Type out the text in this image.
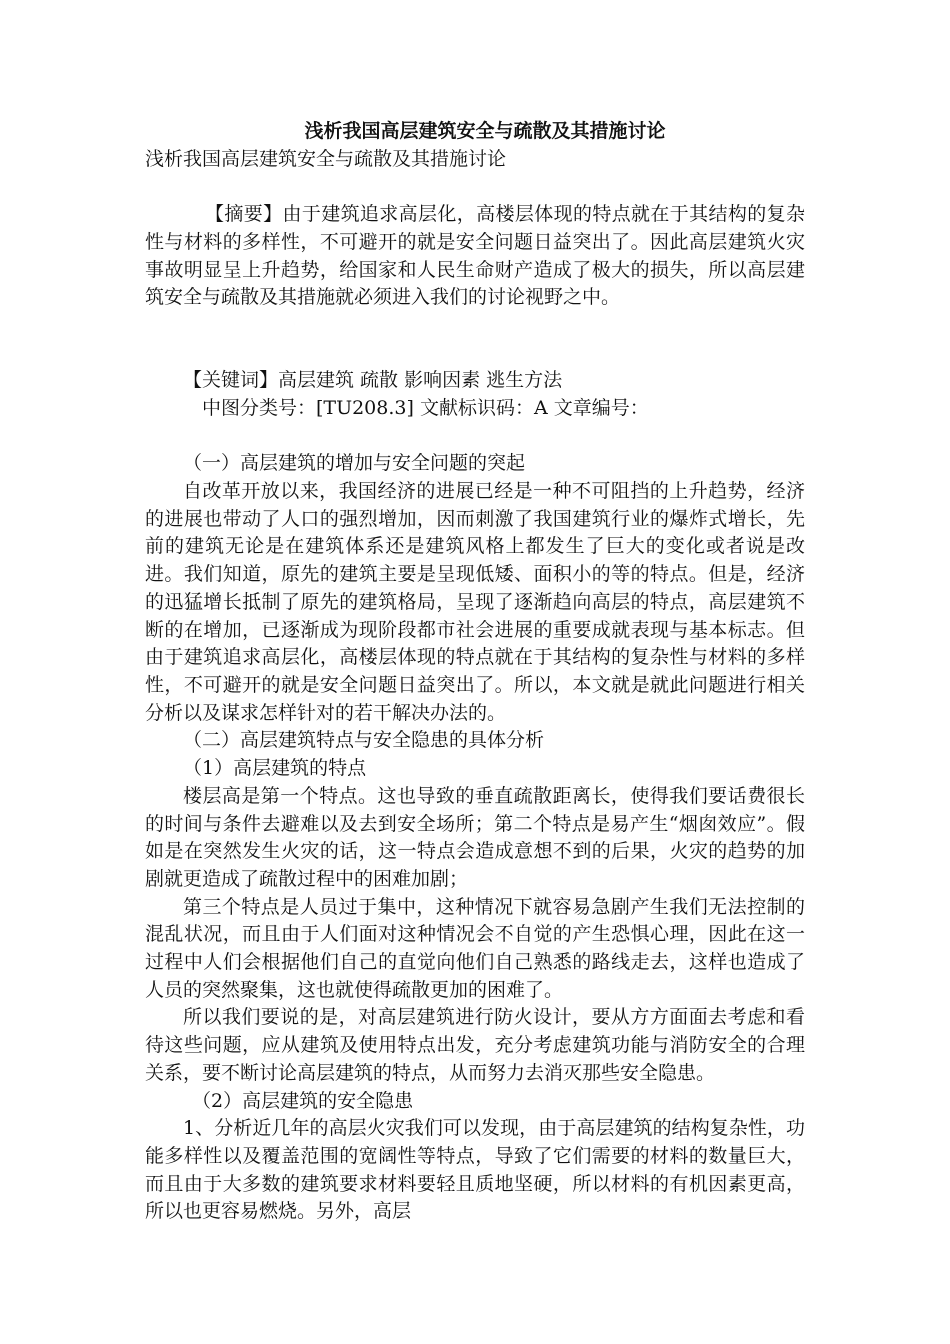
浅析我国高层建筑安全与疏散及其措施讨论

浅析我国高层建筑安全与疏散及其措施讨论

【摘要】由于建筑追求高层化，高楼层体现的特点就在于其结构的复杂性与材料的多样性，不可避开的就是安全问题日益突出了。因此高层建筑火灾事故明显呈上升趋势，给国家和人民生命财产造成了极大的损失，所以高层建筑安全与疏散及其措施就必须进入我们的讨论视野之中。

【关键词】高层建筑 疏散 影响因素 逃生方法

中图分类号：[TU208.3] 文献标识码：A 文章编号：

（一）高层建筑的增加与安全问题的突起

自改革开放以来，我国经济的进展已经是一种不可阻挡的上升趋势，经济的进展也带动了人口的强烈增加，因而刺激了我国建筑行业的爆炸式增长，先前的建筑无论是在建筑体系还是建筑风格上都发生了巨大的变化或者说是改进。我们知道，原先的建筑主要是呈现低矮、面积小的等的特点。但是，经济的迅猛增长抵制了原先的建筑格局，呈现了逐渐趋向高层的特点，高层建筑不断的在增加，已逐渐成为现阶段都市社会进展的重要成就表现与基本标志。但由于建筑追求高层化，高楼层体现的特点就在于其结构的复杂性与材料的多样性，不可避开的就是安全问题日益突出了。所以，本文就是就此问题进行相关分析以及谋求怎样针对的若干解决办法的。

（二）高层建筑特点与安全隐患的具体分析

（1）高层建筑的特点

楼层高是第一个特点。这也导致的垂直疏散距离长，使得我们要话费很长的时间与条件去避难以及去到安全场所；第二个特点是易产生“烟囱效应”。假如是在突然发生火灾的话，这一特点会造成意想不到的后果，火灾的趋势的加剧就更造成了疏散过程中的困难加剧；

第三个特点是人员过于集中，这种情况下就容易急剧产生我们无法控制的混乱状况，而且由于人们面对这种情况会不自觉的产生恐惧心理，因此在这一过程中人们会根据他们自己的直觉向他们自己熟悉的路线走去，这样也造成了人员的突然聚集，这也就使得疏散更加的困难了。

所以我们要说的是，对高层建筑进行防火设计，要从方方面面去考虑和看待这些问题，应从建筑及使用特点出发，充分考虑建筑功能与消防安全的合理关系，要不断讨论高层建筑的特点，从而努力去消灭那些安全隐患。

（2）高层建筑的安全隐患

1、分析近几年的高层火灾我们可以发现，由于高层建筑的结构复杂性，功能多样性以及覆盖范围的宽阔性等特点，导致了它们需要的材料的数量巨大，而且由于大多数的建筑要求材料要轻且质地坚硬，所以材料的有机因素更高，所以也更容易燃烧。另外，高层
